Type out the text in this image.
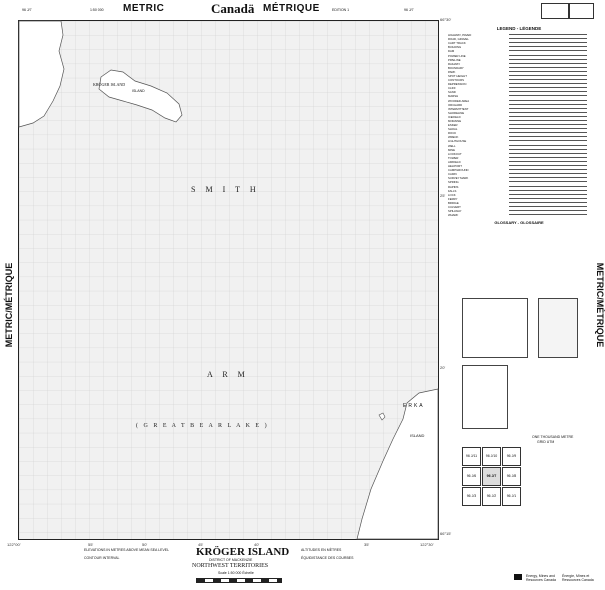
96 J/7	1:50 000 METRIC	Canadä MÉTRIQUE	EDITION 1	96 J/7
METRIC/MÉTRIQUE	METRIC/MÉTRIQUE
KRÖGER ISLAND
ISLAND
S M I T H
A R M
( G R E A T B E A R L A K E )
ERKA
ISLAND
66°30'
66°15'
122°00'	122°30'
25'
20'
55'	50'	45'	40'	35'
LEGEND - LÉGENDE
HIGHWAY, PAVED
ROAD, GRAVEL
CART TRACK
BUILDING
DAM
POWER LINE
PIPELINE
RAILWAY
BOUNDARY
PARK
SPOT HEIGHT
CONTOURS
DEPRESSION
CLIFF
SAND
MARSH
WOODED AREA
ORCHARD
INTERMITTENT
SHORELINE
ICEFIELD
MORAINE
ESKER
SHOAL
ROCK
WRECK
LIGHTHOUSE
WELL
MINE
LOOKOUT
TOWER
AIRFIELD
HELIPORT
CAMPGROUND
CAIRN
SURVEY MARK
SPRING
RAPIDS
FALLS
LOCK
FERRY
BRIDGE
CULVERT
SPILLWAY
WHARF
GLOSSARY - GLOSSAIRE
ONE THOUSAND METRE
GRID UTM
96 J/11	96 J/10	96 J/9
96 J/6	96 J/7	96 J/8
96 J/3	96 J/2	96 J/1
KRÖGER ISLAND
DISTRICT OF MACKENZIE
NORTHWEST TERRITORIES
Scale 1:50 000 Échelle
ELEVATIONS IN METRES ABOVE MEAN SEA LEVEL
CONTOUR INTERVAL
ALTITUDES EN MÈTRES
ÉQUIDISTANCE DES COURBES
Energy, Mines and Resources Canada
Énergie, Mines et Ressources Canada
